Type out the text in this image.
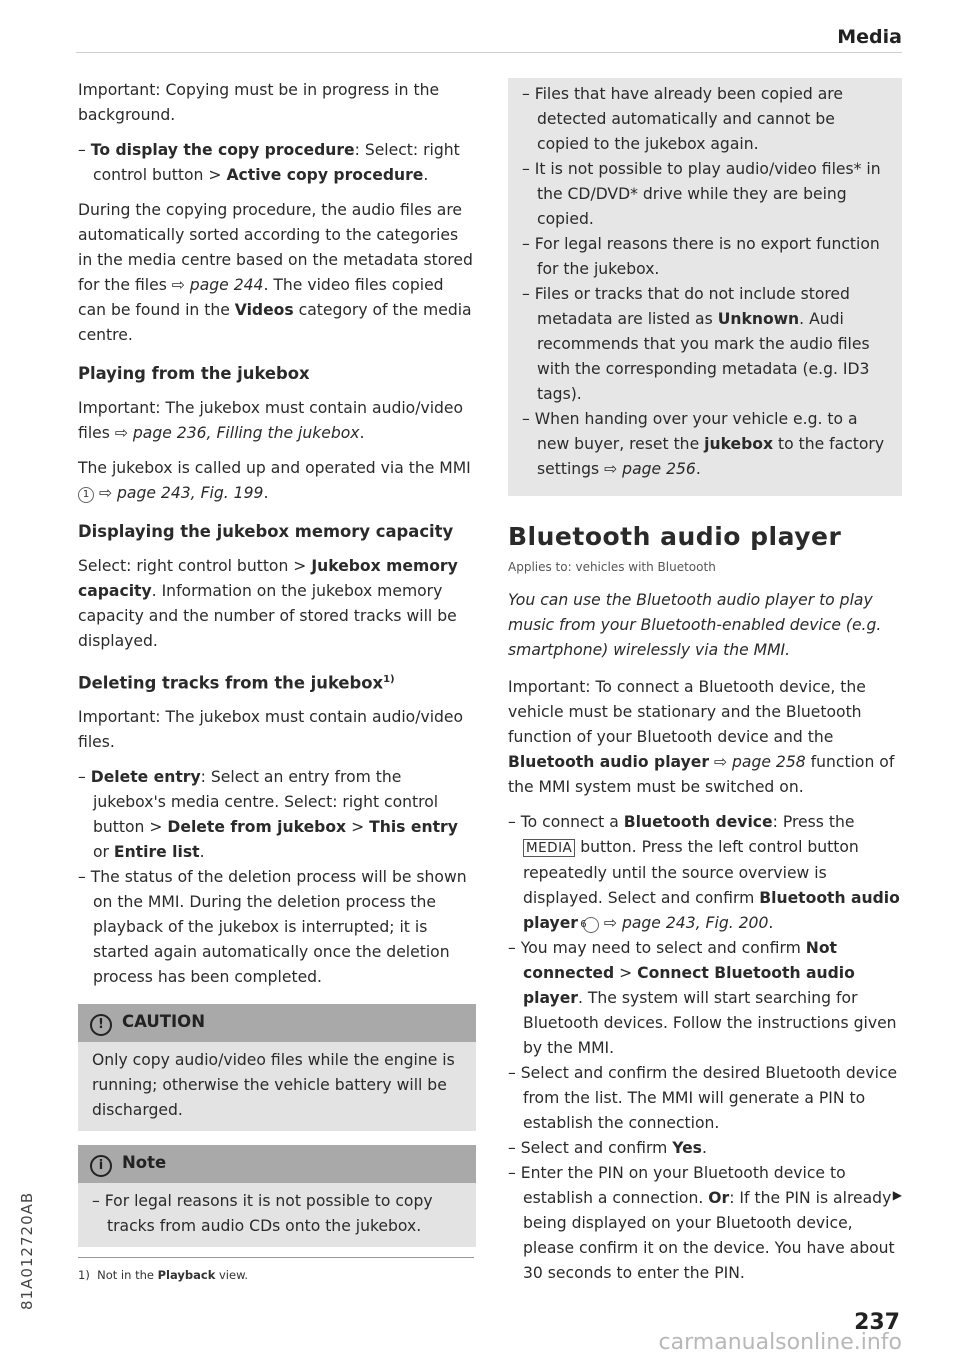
Media

Important: Copying must be in progress in the background.

– To display the copy procedure: Select: right control button > Active copy procedure.

During the copying procedure, the audio files are automatically sorted according to the categories in the media centre based on the metadata stored for the files ⇨ page 244. The video files copied can be found in the Videos category of the media centre.

Playing from the jukebox

Important: The jukebox must contain audio/video files ⇨ page 236, Filling the jukebox.

The jukebox is called up and operated via the MMI 1 ⇨ page 243, Fig. 199.

Displaying the jukebox memory capacity

Select: right control button > Jukebox memory capacity. Information on the jukebox memory capacity and the number of stored tracks will be displayed.

Deleting tracks from the jukebox$^{1)}$

Important: The jukebox must contain audio/video files.

– Delete entry: Select an entry from the jukebox's media centre. Select: right control button > Delete from jukebox > This entry or Entire list.
– The status of the deletion process will be shown on the MMI. During the deletion process the playback of the jukebox is interrupted; it is started again automatically once the deletion process has been completed.
! CAUTION
Only copy audio/video files while the engine is running; otherwise the vehicle battery will be discharged.
i Note
– For legal reasons it is not possible to copy tracks from audio CDs onto the jukebox.
– Files that have already been copied are detected automatically and cannot be copied to the jukebox again.
– It is not possible to play audio/video files* in the CD/DVD* drive while they are being copied.
– For legal reasons there is no export function for the jukebox.
– Files or tracks that do not include stored metadata are listed as Unknown. Audi recommends that you mark the audio files with the corresponding metadata (e.g. ID3 tags).
– When handing over your vehicle e.g. to a new buyer, reset the jukebox to the factory settings ⇨ page 256.
Bluetooth audio player
Applies to: vehicles with Bluetooth

You can use the Bluetooth audio player to play music from your Bluetooth-enabled device (e.g. smartphone) wirelessly via the MMI.

Important: To connect a Bluetooth device, the vehicle must be stationary and the Bluetooth function of your Bluetooth device and the Bluetooth audio player ⇨ page 258 function of the MMI system must be switched on.

– To connect a Bluetooth device: Press the MEDIA button. Press the left control button repeatedly until the source overview is displayed. Select and confirm Bluetooth audio player 6 ⇨ page 243, Fig. 200.
– You may need to select and confirm Not connected > Connect Bluetooth audio player. The system will start searching for Bluetooth devices. Follow the instructions given by the MMI.
– Select and confirm the desired Bluetooth device from the list. The MMI will generate a PIN to establish the connection.
– Select and confirm Yes.
– Enter the PIN on your Bluetooth device to establish a connection. Or: If the PIN is already being displayed on your Bluetooth device, please confirm it on the device. You have about 30 seconds to enter the PIN.
▶
1) Not in the Playback view.
81A012720AB
237
carmanualsonline.info
